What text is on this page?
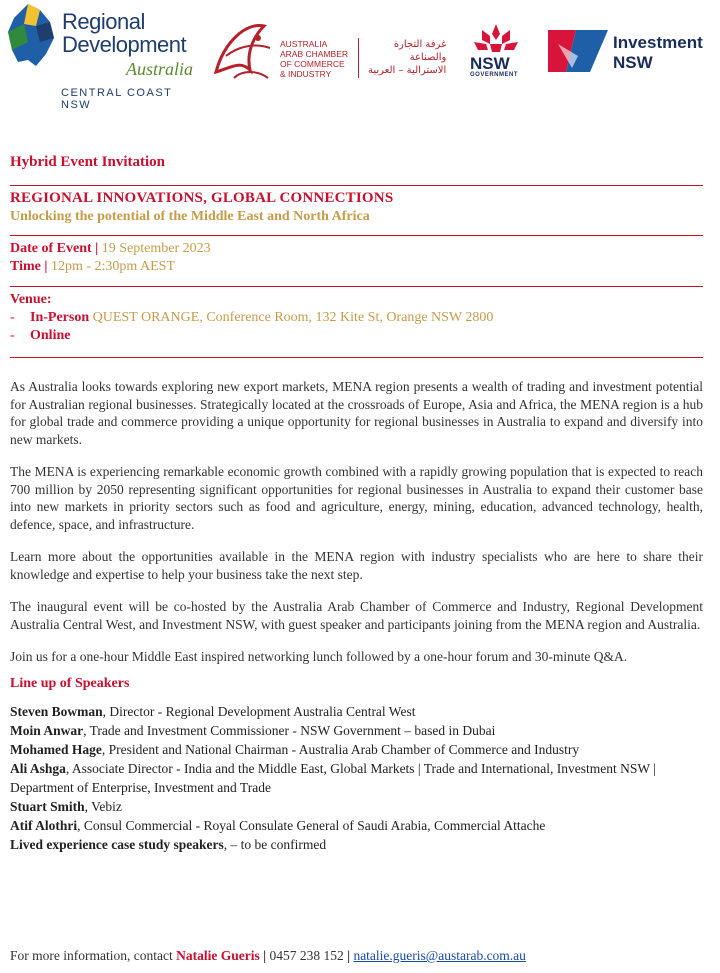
Regional
Development
Australia
CENTRAL COAST NSW
AUSTRALIA
ARAB CHAMBER
OF COMMERCE
& INDUSTRY
غرفة التجارة
والصناعة
الاسترالية – العربية NSW
GOVERNMENT
Investment
NSW
Hybrid Event Invitation
REGIONAL INNOVATIONS, GLOBAL CONNECTIONS
Unlocking the potential of the Middle East and North Africa

Date of Event | 19 September 2023

Time | 12pm - 2:30pm AEST

Venue:

- In-Person QUEST ORANGE, Conference Room, 132 Kite St, Orange NSW 2800

- Online

As Australia looks towards exploring new export markets, MENA region presents a wealth of trading and investment potential for Australian regional businesses. Strategically located at the crossroads of Europe, Asia and Africa, the MENA region is a hub for global trade and commerce providing a unique opportunity for regional businesses in Australia to expand and diversify into new markets.

The MENA is experiencing remarkable economic growth combined with a rapidly growing population that is expected to reach 700 million by 2050 representing significant opportunities for regional businesses in Australia to expand their customer base into new markets in priority sectors such as food and agriculture, energy, mining, education, advanced technology, health, defence, space, and infrastructure.

Learn more about the opportunities available in the MENA region with industry specialists who are here to share their knowledge and expertise to help your business take the next step.

The inaugural event will be co-hosted by the Australia Arab Chamber of Commerce and Industry, Regional Development Australia Central West, and Investment NSW, with guest speaker and participants joining from the MENA region and Australia.

Join us for a one-hour Middle East inspired networking lunch followed by a one-hour forum and 30-minute Q&A.

Line up of Speakers

Steven Bowman, Director - Regional Development Australia Central West

Moin Anwar, Trade and Investment Commissioner - NSW Government – based in Dubai

Mohamed Hage, President and National Chairman - Australia Arab Chamber of Commerce and Industry

Ali Ashga, Associate Director - India and the Middle East, Global Markets | Trade and International, Investment NSW | Department of Enterprise, Investment and Trade

Stuart Smith, Vebiz

Atif Alothri, Consul Commercial - Royal Consulate General of Saudi Arabia, Commercial Attache

Lived experience case study speakers, – to be confirmed

For more information, contact Natalie Gueris | 0457 238 152 | natalie.gueris@austarab.com.au
